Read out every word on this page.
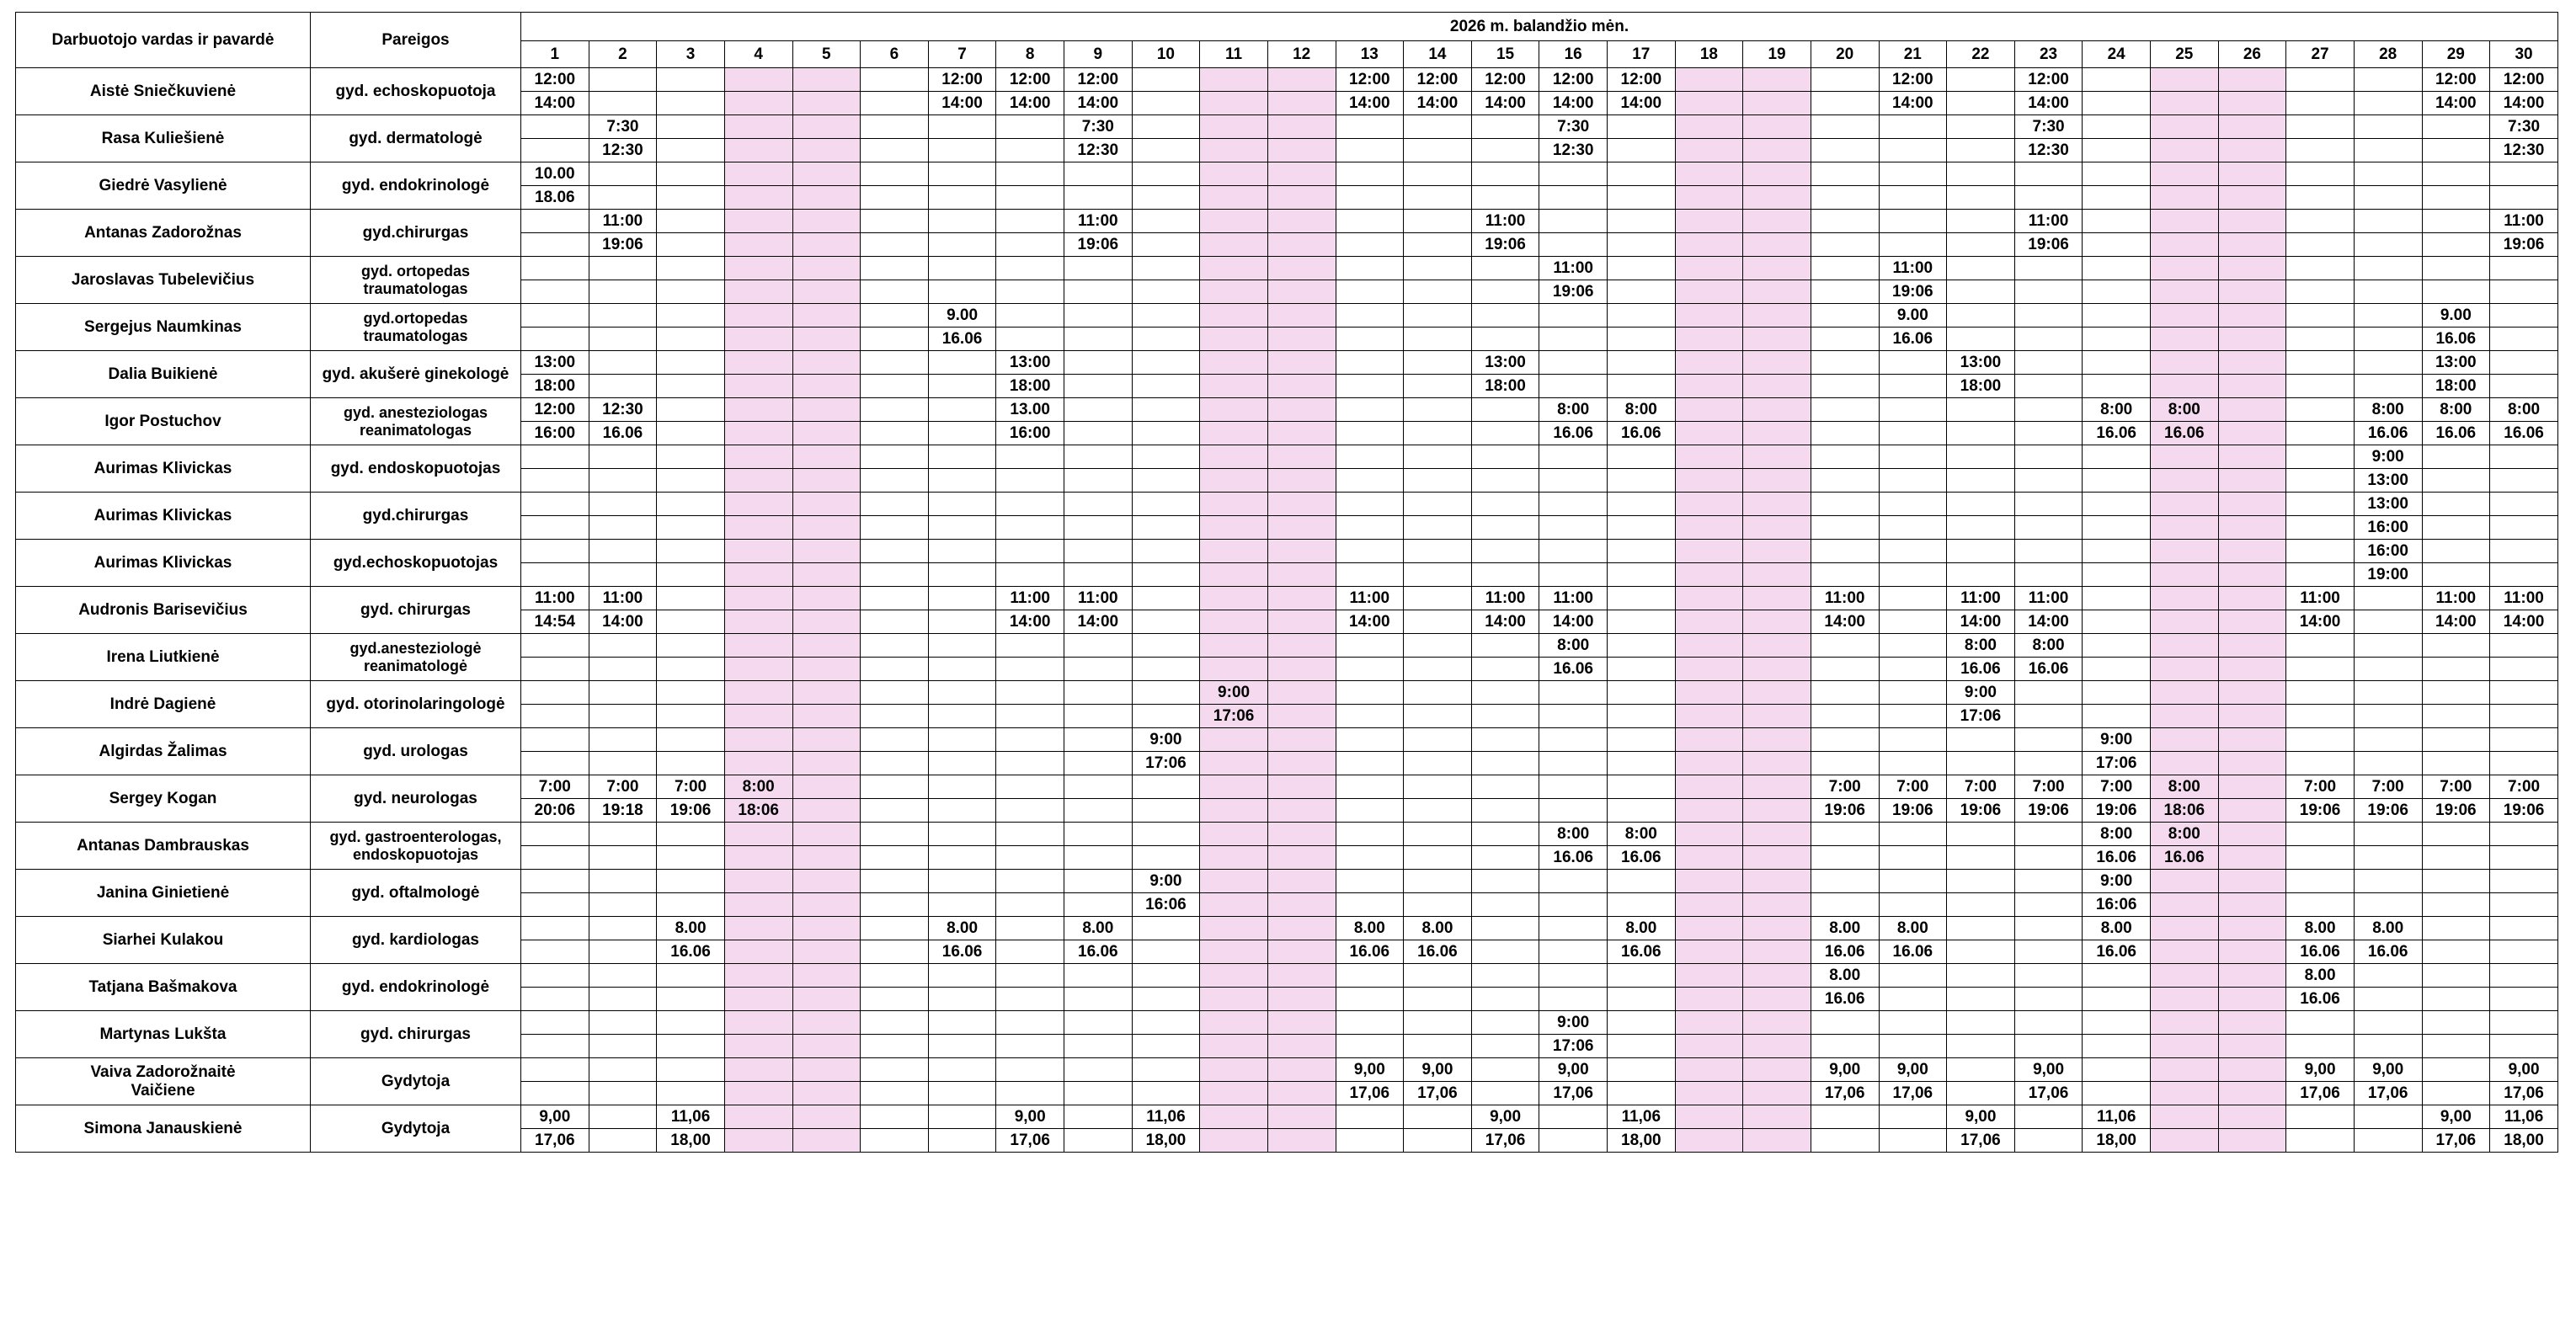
Darbuotojo vardas ir pavardė	Pareigos	2026 m. balandžio mėn.																													
		1	2	3	4	5	6	7	8	9	10	11	12	13	14	15	16	17	18	19	20	21	22	23	24	25	26	27	28	29	30
Aistė Sniečkuvienė	gyd. echoskopuotoja	12:00						12:00	12:00	12:00				12:00	12:00	12:00	12:00	12:00				12:00		12:00						12:00	12:00
		14:00						14:00	14:00	14:00				14:00	14:00	14:00	14:00	14:00				14:00		14:00						14:00	14:00
Rasa Kuliešienė	gyd. dermatologė		7:30							7:30							7:30							7:30							7:30
			12:30							12:30							12:30							12:30							12:30
Giedrė Vasylienė	gyd. endokrinologė	10.00																													
		18.06																													
Antanas Zadorožnas	gyd.chirurgas		11:00							11:00						11:00								11:00							11:00
			19:06							19:06						19:06								19:06							19:06
Jaroslavas Tubelevičius	gyd. ortopedas
traumatologas																11:00					11:00									
																	19:06					19:06									
Sergejus Naumkinas	gyd.ortopedas
traumatologas							9.00														9.00								9.00	
								16.06														16.06								16.06	
Dalia Buikienė	gyd. akušerė ginekologė	13:00							13:00							13:00							13:00							13:00	
		18:00							18:00							18:00							18:00							18:00	
Igor Postuchov	gyd. anesteziologas
reanimatologas	12:00	12:30						13.00								8:00	8:00							8:00	8:00			8:00	8:00	8:00
		16:00	16.06						16:00								16.06	16.06							16.06	16.06			16.06	16.06	16.06
Aurimas Klivickas	gyd. endoskopuotojas																												9:00		
																													13:00		
Aurimas Klivickas	gyd.chirurgas																												13:00		
																													16:00		
Aurimas Klivickas	gyd.echoskopuotojas																												16:00		
																													19:00		
Audronis Barisevičius	gyd. chirurgas	11:00	11:00						11:00	11:00				11:00		11:00	11:00				11:00		11:00	11:00				11:00		11:00	11:00
		14:54	14:00						14:00	14:00				14:00		14:00	14:00				14:00		14:00	14:00				14:00		14:00	14:00
Irena Liutkienė	gyd.anesteziologė
reanimatologė																8:00						8:00	8:00							
																	16.06						16.06	16.06							
Indrė Dagienė	gyd. otorinolaringologė											9:00											9:00								
												17:06											17:06								
Algirdas Žalimas	gyd. urologas										9:00														9:00						
											17:06														17:06						
Sergey Kogan	gyd. neurologas	7:00	7:00	7:00	8:00																7:00	7:00	7:00	7:00	7:00	8:00		7:00	7:00	7:00	7:00
		20:06	19:18	19:06	18:06																19:06	19:06	19:06	19:06	19:06	18:06		19:06	19:06	19:06	19:06
Antanas Dambrauskas	gyd. gastroenterologas,
endoskopuotojas																8:00	8:00							8:00	8:00					
																	16.06	16.06							16.06	16.06					
Janina Ginietienė	gyd. oftalmologė										9:00														9:00						
											16:06														16:06						
Siarhei Kulakou	gyd. kardiologas			8.00				8.00		8.00				8.00	8.00			8.00			8.00	8.00			8.00			8.00	8.00		
				16.06				16.06		16.06				16.06	16.06			16.06			16.06	16.06			16.06			16.06	16.06		
Tatjana Bašmakova	gyd. endokrinologė																				8.00							8.00			
																					16.06							16.06			
Martynas Lukšta	gyd. chirurgas																9:00														
																	17:06														

Vaiva Zadorožnaitė
Vaičiene	Gydytoja													9,00	9,00		9,00				9,00	9,00		9,00				9,00	9,00		9,00
														17,06	17,06		17,06				17,06	17,06		17,06				17,06	17,06		17,06
Simona Janauskienė	Gydytoja	9,00		11,06					9,00		11,06					9,00		11,06					9,00		11,06					9,00	11,06
		17,06		18,00					17,06		18,00					17,06		18,00					17,06		18,00					17,06	18,00
